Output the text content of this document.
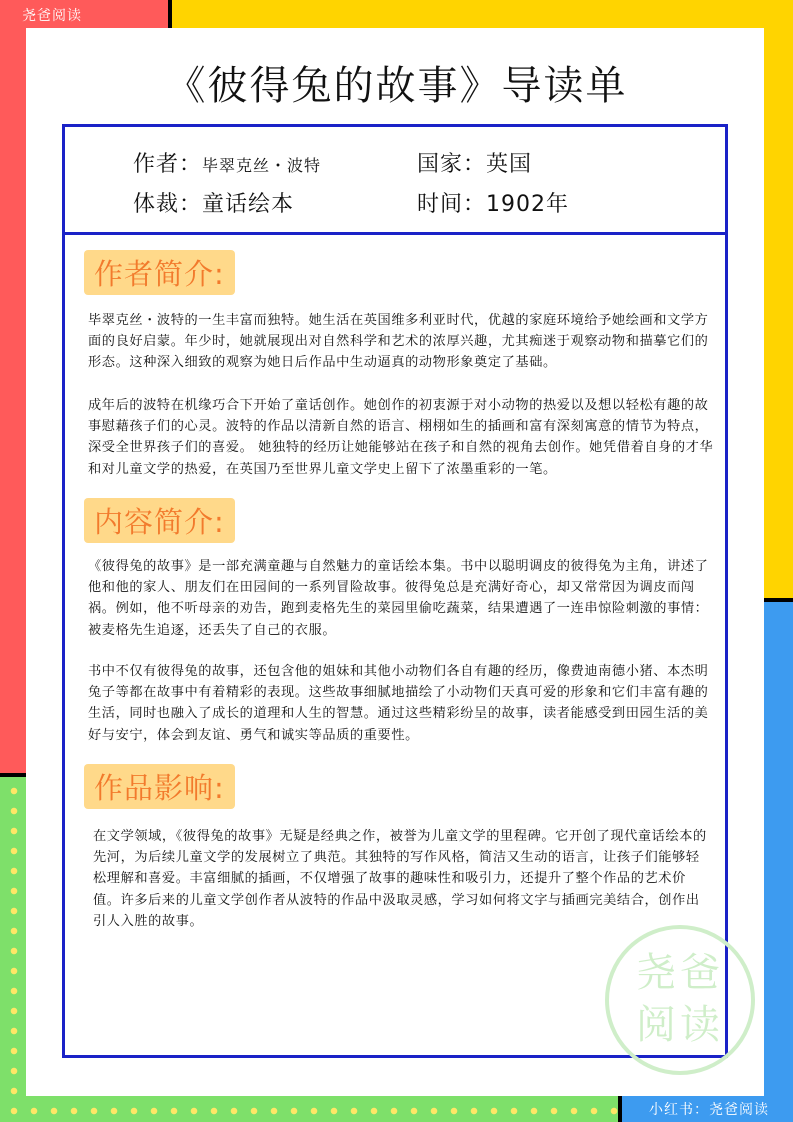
尧爸阅读
小红书：尧爸阅读
《彼得兔的故事》导读单
作者：毕翠克丝・波特	国家：英国
体裁：童话绘本	时间：1902年
作者简介:

毕翠克丝・波特的一生丰富而独特。她生活在英国维多利亚时代，优越的家庭环境给予她绘画和文学方面的良好启蒙。年少时，她就展现出对自然科学和艺术的浓厚兴趣，尤其痴迷于观察动物和描摹它们的形态。这种深入细致的观察为她日后作品中生动逼真的动物形象奠定了基础。

成年后的波特在机缘巧合下开始了童话创作。她创作的初衷源于对小动物的热爱以及想以轻松有趣的故事慰藉孩子们的心灵。波特的作品以清新自然的语言、栩栩如生的插画和富有深刻寓意的情节为特点，深受全世界孩子们的喜爱。 她独特的经历让她能够站在孩子和自然的视角去创作。她凭借着自身的才华和对儿童文学的热爱，在英国乃至世界儿童文学史上留下了浓墨重彩的一笔。

内容简介:

《彼得兔的故事》是一部充满童趣与自然魅力的童话绘本集。书中以聪明调皮的彼得兔为主角，讲述了他和他的家人、朋友们在田园间的一系列冒险故事。彼得兔总是充满好奇心，却又常常因为调皮而闯祸。例如，他不听母亲的劝告，跑到麦格先生的菜园里偷吃蔬菜，结果遭遇了一连串惊险刺激的事情：被麦格先生追逐，还丢失了自己的衣服。

书中不仅有彼得兔的故事，还包含他的姐妹和其他小动物们各自有趣的经历，像费迪南德小猪、本杰明兔子等都在故事中有着精彩的表现。这些故事细腻地描绘了小动物们天真可爱的形象和它们丰富有趣的生活，同时也融入了成长的道理和人生的智慧。通过这些精彩纷呈的故事，读者能感受到田园生活的美好与安宁，体会到友谊、勇气和诚实等品质的重要性。

作品影响:

在文学领域，《彼得兔的故事》无疑是经典之作，被誉为儿童文学的里程碑。它开创了现代童话绘本的先河，为后续儿童文学的发展树立了典范。其独特的写作风格，简洁又生动的语言，让孩子们能够轻松理解和喜爱。丰富细腻的插画，不仅增强了故事的趣味性和吸引力，还提升了整个作品的艺术价值。许多后来的儿童文学创作者从波特的作品中汲取灵感，学习如何将文字与插画完美结合，创作出引人入胜的故事。

尧爸
阅读
